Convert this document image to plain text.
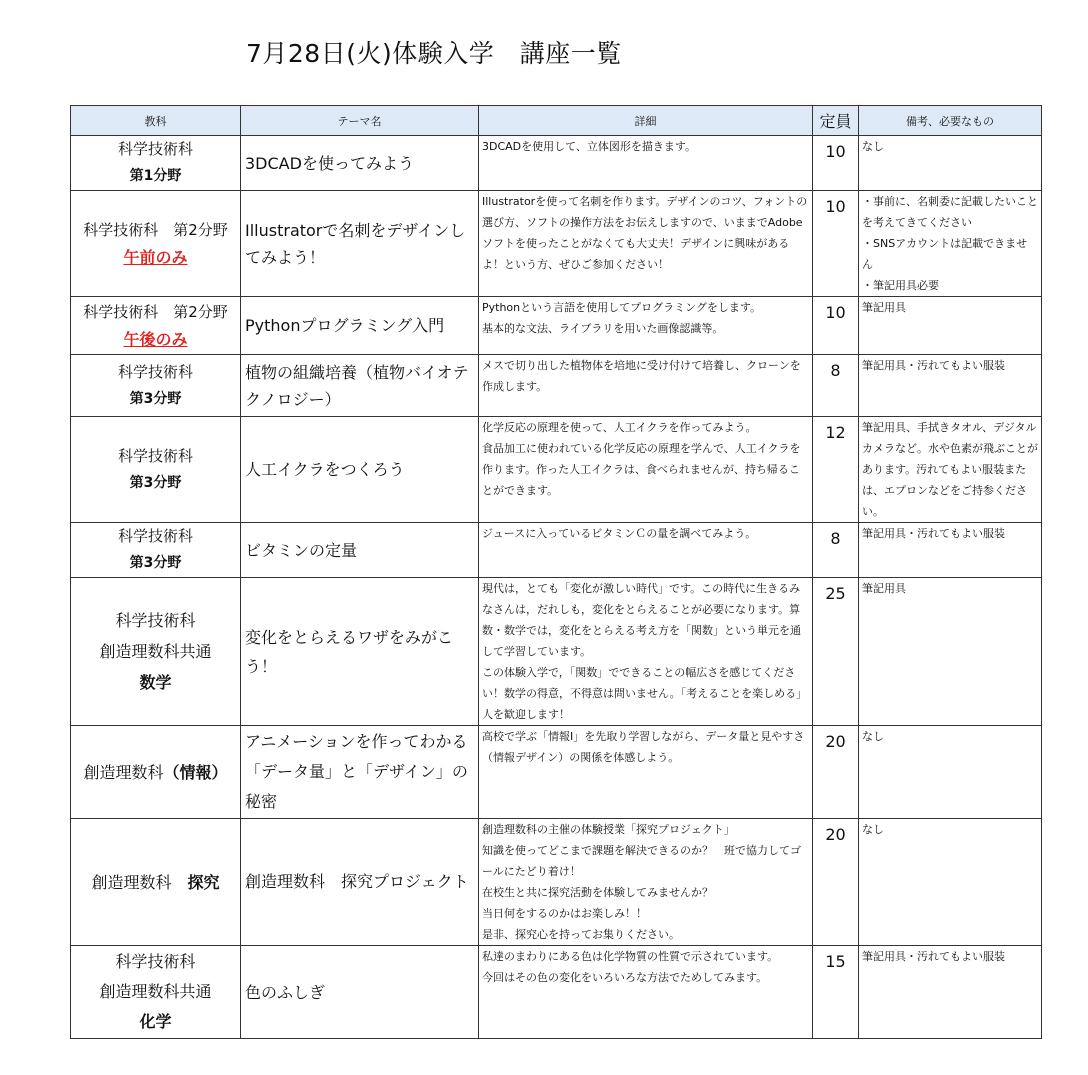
7月28日(火)体験入学　講座一覧
教科	テーマ名	詳細	定員	備考、必要なもの

科学技術科
第1分野	3DCADを使ってみよう	3DCADを使用して、立体図形を描きます。	10	なし

科学技術科　第2分野
午前のみ	Illustratorで名刺をデザインしてみよう！	Illustratorを使って名刺を作ります。デザインのコツ、フォントの選び方、ソフトの操作方法をお伝えしますので、いままでAdobeソフトを使ったことがなくても大丈夫！デザインに興味があるよ！という方、ぜひご参加ください！	10	・事前に、名刺委に記載したいことを考えてきてください
・SNSアカウントは記載できません
・筆記用具必要

科学技術科　第2分野
午後のみ	Pythonプログラミング入門	Pythonという言語を使用してプログラミングをします。
基本的な文法、ライブラリを用いた画像認識等。	10	筆記用具

科学技術科
第3分野	植物の組織培養（植物バイオテクノロジー）	メスで切り出した植物体を培地に受け付けて培養し、クローンを作成します。	8	筆記用具・汚れてもよい服装

科学技術科
第3分野	人工イクラをつくろう	化学反応の原理を使って、人工イクラを作ってみよう。
食品加工に使われている化学反応の原理を学んで、人工イクラを作ります。作った人工イクラは、食べられませんが、持ち帰ることができます。	12	筆記用具、手拭きタオル、デジタルカメラなど。水や色素が飛ぶことがあります。汚れてもよい服装または、エプロンなどをご持参ください。

科学技術科
第3分野	ビタミンの定量	ジュースに入っているビタミンＣの量を調べてみよう。	8	筆記用具・汚れてもよい服装

科学技術科
創造理数科共通
数学	変化をとらえるワザをみがこう！	現代は，とても「変化が激しい時代」です。この時代に生きるみなさんは，だれしも，変化をとらえることが必要になります。算数・数学では，変化をとらえる考え方を「関数」という単元を通して学習しています。
この体験入学で，「関数」でできることの幅広さを感じてください！数学の得意，不得意は問いません。「考えることを楽しめる」人を歓迎します！	25	筆記用具
創造理数科（情報）	アニメーションを作ってわかる「データ量」と「デザイン」の秘密	高校で学ぶ「情報Ⅰ」を先取り学習しながら、データ量と見やすさ（情報デザイン）の関係を体感しよう。	20	なし
創造理数科　探究	創造理数科　探究プロジェクト	創造理数科の主催の体験授業「探究プロジェクト」
知識を使ってどこまで課題を解決できるのか？　班で協力してゴールにたどり着け！
在校生と共に探究活動を体験してみませんか？
当日何をするのかはお楽しみ！！
是非、探究心を持ってお集りください。	20	なし

科学技術科
創造理数科共通
化学	色のふしぎ	私達のまわりにある色は化学物質の性質で示されています。
今回はその色の変化をいろいろな方法でためしてみます。	15	筆記用具・汚れてもよい服装
